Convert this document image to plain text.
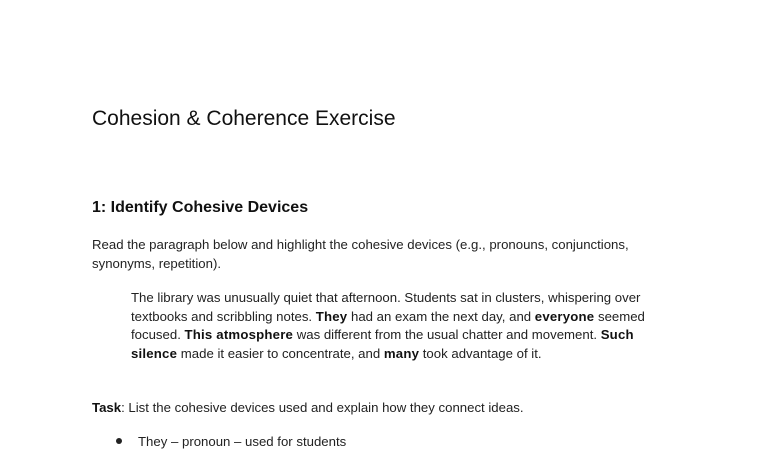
Cohesion & Coherence Exercise
1: Identify Cohesive Devices

Read the paragraph below and highlight the cohesive devices (e.g., pronouns, conjunctions, synonyms, repetition).

The library was unusually quiet that afternoon. Students sat in clusters, whispering over textbooks and scribbling notes. They had an exam the next day, and everyone seemed focused. This atmosphere was different from the usual chatter and movement. Such silence made it easier to concentrate, and many took advantage of it.

Task: List the cohesive devices used and explain how they connect ideas.

They – pronoun – used for students
